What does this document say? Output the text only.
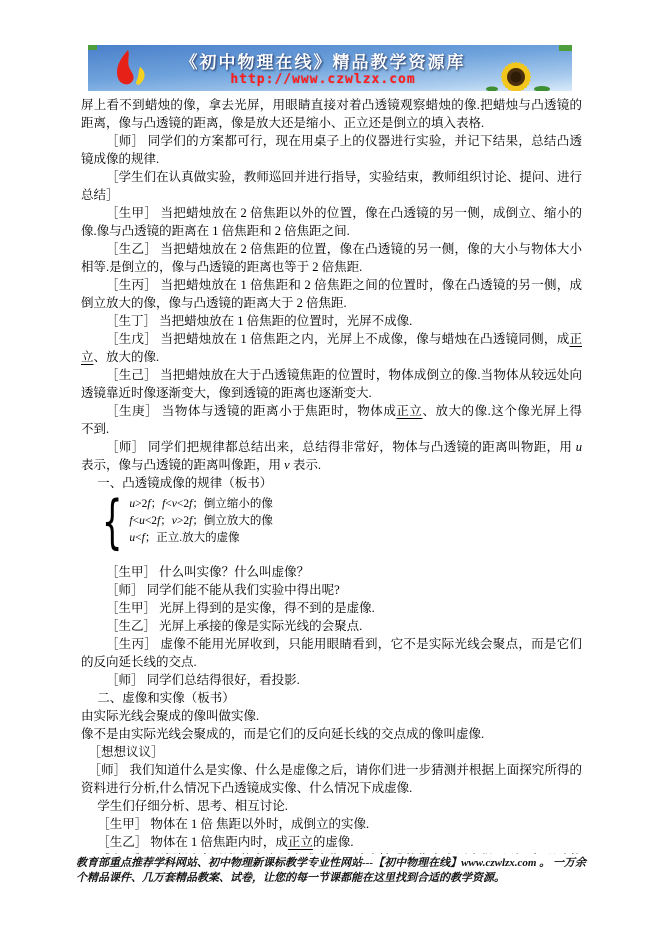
《初中物理在线》精品教学资源库
http://www.czwlzx.com

屏上看不到蜡烛的像，拿去光屏，用眼睛直接对着凸透镜观察蜡烛的像.把蜡烛与凸透镜的距离，像与凸透镜的距离，像是放大还是缩小、正立还是倒立的填入表格.

［师］ 同学们的方案都可行，现在用桌子上的仪器进行实验，并记下结果，总结凸透镜成像的规律.

［学生们在认真做实验，教师巡回并进行指导，实验结束，教师组织讨论、提问、进行总结］

［生甲］ 当把蜡烛放在 2 倍焦距以外的位置，像在凸透镜的另一侧，成倒立、缩小的像.像与凸透镜的距离在 1 倍焦距和 2 倍焦距之间.

［生乙］ 当把蜡烛放在 2 倍焦距的位置，像在凸透镜的另一侧，像的大小与物体大小相等.是倒立的，像与凸透镜的距离也等于 2 倍焦距.

［生丙］ 当把蜡烛放在 1 倍焦距和 2 倍焦距之间的位置时，像在凸透镜的另一侧，成倒立放大的像，像与凸透镜的距离大于 2 倍焦距.

［生丁］ 当把蜡烛放在 1 倍焦距的位置时，光屏不成像.

［生戊］ 当把蜡烛放在 1 倍焦距之内，光屏上不成像，像与蜡烛在凸透镜同侧，成正立、放大的像.

［生己］ 当把蜡烛放在大于凸透镜焦距的位置时，物体成倒立的像.当物体从较远处向透镜靠近时像逐渐变大，像到透镜的距离也逐渐变大.

［生庚］ 当物体与透镜的距离小于焦距时，物体成正立、放大的像.这个像光屏上得　　不到.

［师］ 同学们把规律都总结出来，总结得非常好，物体与凸透镜的距离叫物距，用 u 表示，像与凸透镜的距离叫像距，用 v 表示.

一、凸透镜成像的规律（板书）

{ u>2f；f<v<2f；倒立缩小的像
f<u<2f；v>2f；倒立放大的像
u<f；正立.放大的虚像

［生甲］ 什么叫实像？什么叫虚像？

［师］ 同学们能不能从我们实验中得出呢?

［生甲］ 光屏上得到的是实像，得不到的是虚像.

［生乙］ 光屏上承接的像是实际光线的会聚点.

［生丙］ 虚像不能用光屏收到，只能用眼睛看到，它不是实际光线会聚点，而是它们的反向延长线的交点.

［师］ 同学们总结得很好，看投影.

二、虚像和实像（板书）

由实际光线会聚成的像叫做实像.

像不是由实际光线会聚成的，而是它们的反向延长线的交点成的像叫虚像.

［想想议议］

［师］ 我们知道什么是实像、什么是虚像之后，请你们进一步猜测并根据上面探究所得的资料进行分析,什么情况下凸透镜成实像、什么情况下成虚像.

学生们仔细分析、思考、相互讨论.

［生甲］ 物体在 1 倍 焦距以外时，成倒立的实像.

［生乙］ 物体在 1 倍焦距内时，成正立的虚像.

教育部重点推荐学科网站、初中物理新课标教学专业性网站---【初中物理在线】www.czwlzx.com 。 一万余个精品课件、几万套精品教案、试卷，让您的每一节课都能在这里找到合适的教学资源。
